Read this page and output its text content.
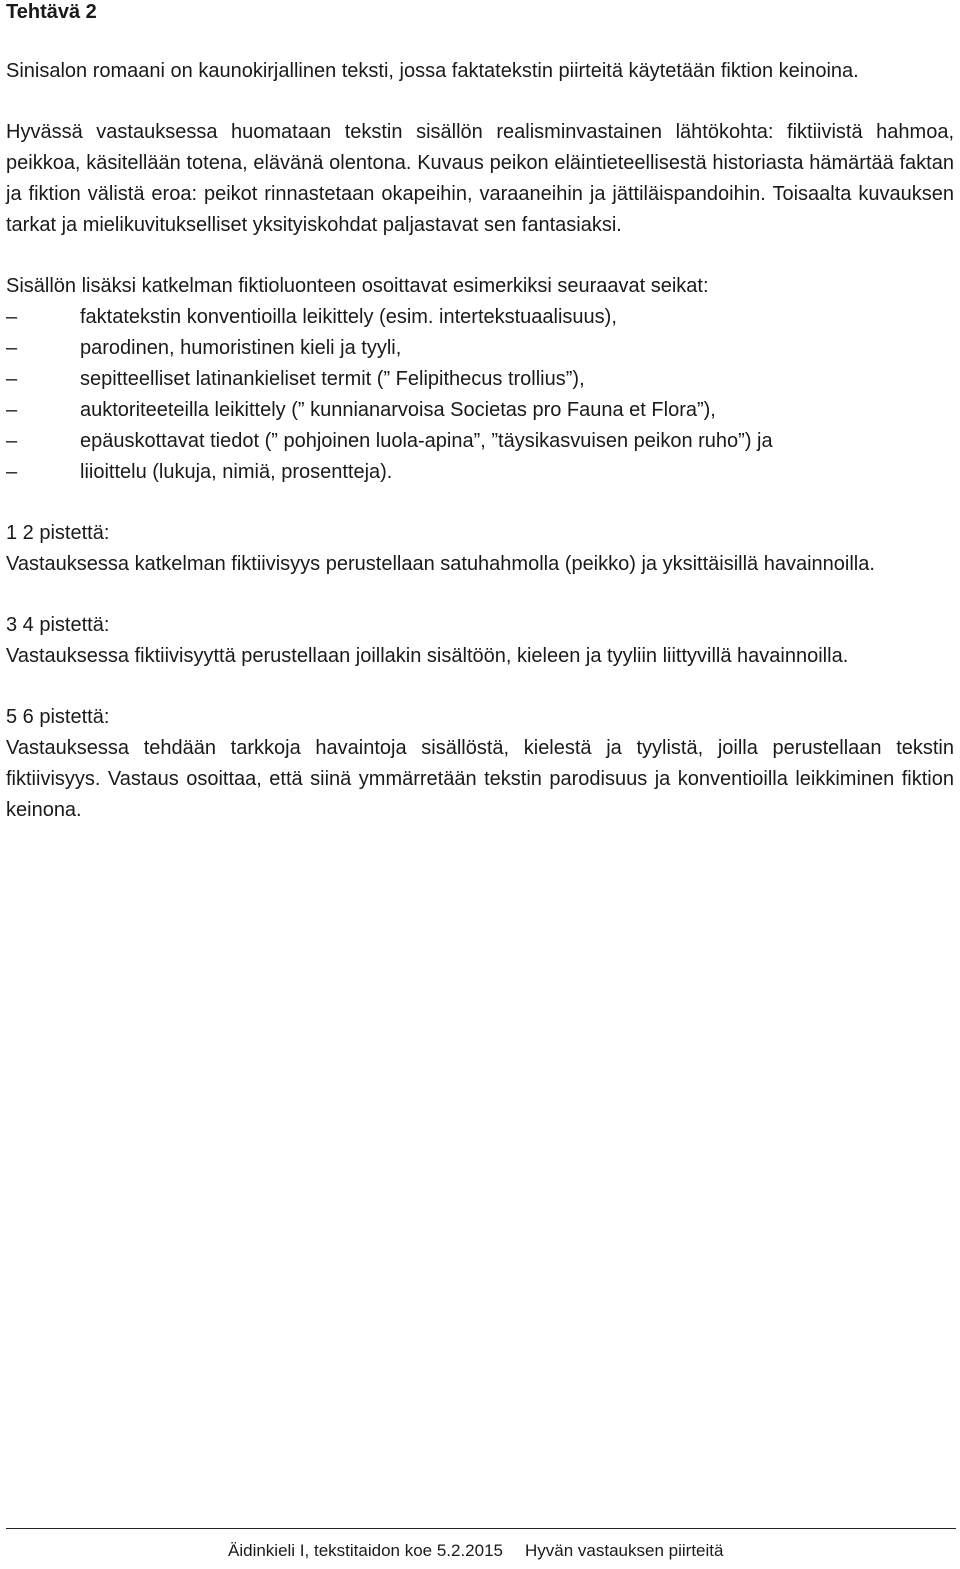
Tehtävä 2

Sinisalon romaani on kaunokirjallinen teksti, jossa faktatekstin piirteitä käytetään fiktion keinoina.

Hyvässä vastauksessa huomataan tekstin sisällön realisminvastainen lähtökohta: fiktiivistä hahmoa, peikkoa, käsitellään totena, elävänä olentona. Kuvaus peikon eläintieteellisestä historiasta hämärtää faktan ja fiktion välistä eroa: peikot rinnastetaan okapeihin, varaaneihin ja jättiläispandoihin. Toisaalta kuvauksen tarkat ja mielikuvitukselliset yksityiskohdat paljastavat sen fantasiaksi.

Sisällön lisäksi katkelman fiktioluonteen osoittavat esimerkiksi seuraavat seikat:

–	faktatekstin konventioilla leikittely (esim. intertekstuaalisuus),
–	parodinen, humoristinen kieli ja tyyli,
–	sepitteelliset latinankieliset termit (” Felipithecus trollius”),
–	auktoriteeteilla leikittely (” kunnianarvoisa Societas pro Fauna et Flora”),
–	epäuskottavat tiedot (” pohjoinen luola-apina”, ”täysikasvuisen peikon ruho”) ja
–	liioittelu (lukuja, nimiä, prosentteja).
1 2 pistettä:
Vastauksessa katkelman fiktiivisyys perustellaan satuhahmolla (peikko) ja yksittäisillä havainnoilla.
3 4 pistettä:
Vastauksessa fiktiivisyyttä perustellaan joillakin sisältöön, kieleen ja tyyliin liittyvillä havainnoilla.
5 6 pistettä:
Vastauksessa tehdään tarkkoja havaintoja sisällöstä, kielestä ja tyylistä, joilla perustellaan tekstin fiktiivisyys. Vastaus osoittaa, että siinä ymmärretään tekstin parodisuus ja konventioilla leikkiminen fiktion keinona.
Äidinkieli I, tekstitaidon koe 5.2.2015 Hyvän vastauksen piirteitä
